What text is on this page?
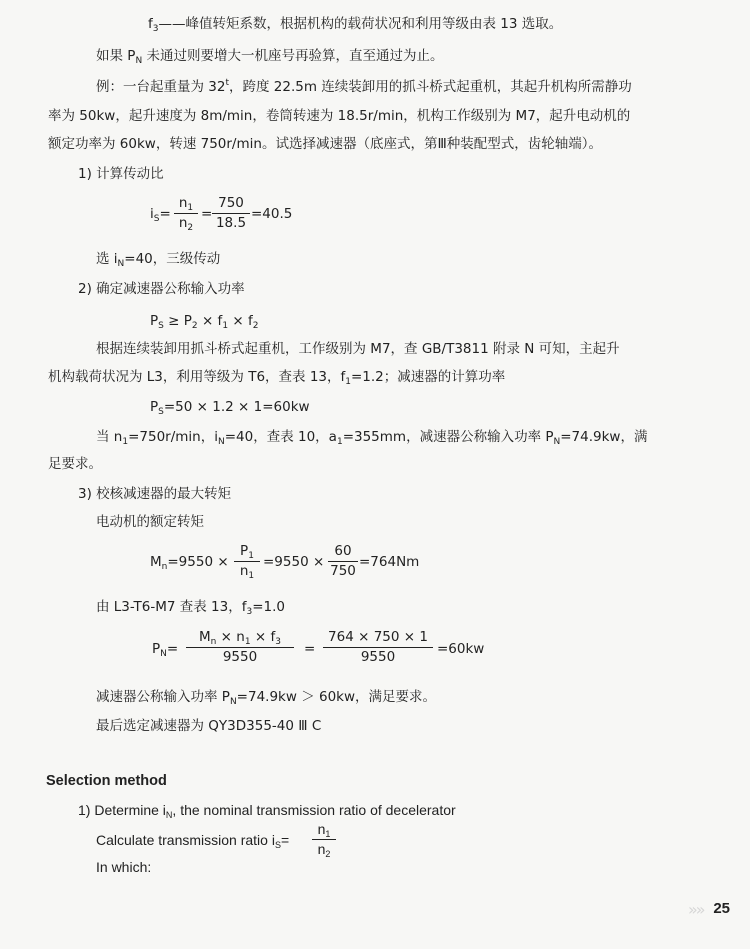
$f_3——$峰值转矩系数，根据机构的载荷状况和利用等级由表 13 选取。
如果 $P_N$ 未通过则要增大一机座号再验算，直至通过为止。
例：一台起重量为 32$^t$，跨度 22.5m 连续装卸用的抓斗桥式起重机，其起升机构所需静功
率为 50kw，起升速度为 8m/min，卷筒转速为 18.5r/min，机构工作级别为 M7，起升电动机的
额定功率为 60kw，转速 750r/min。试选择减速器（底座式，第Ⅲ种装配型式，齿轮轴端）。
1) 计算传动比
$i_S=$
$n_1$
$n_2$
=
750
18.5
=40.5
选 $i_N=40$，三级传动
2) 确定减速器公称输入功率
$P_S \ge P_2 \times f_1 \times f_2$
根据连续装卸用抓斗桥式起重机，工作级别为 M7，查 GB/T3811 附录 N 可知，主起升
机构载荷状况为 L3，利用等级为 T6，查表 13，$f_1=1.2$；减速器的计算功率
$P_S=50 \times 1.2 \times 1=60kw$
当 $n_1=750r/\min$，$i_N=40$，查表 10，$a_1=355mm$，减速器公称输入功率 $P_N=74.9kw$，满
足要求。
3) 校核减速器的最大转矩
电动机的额定转矩
$M_n=9550$ ×
$P_1$
$n_1$
=9550 ×
60
750
=764Nm
由 L3-T6-M7 查表 13，$f_3=1.0$
$P_N=$
$M_n \times n_1 \times f_3$
9550	=
764 × 750 × 1
9550	=60kw
减速器公称输入功率 $P_N=74.9kw > 60kw$，满足要求。
最后选定减速器为 QY3D355-40 Ⅲ C
Selection method
1) Determine $i_N$, the nominal transmission ratio of decelerator
Calculate transmission ratio $i_S=$
$n_1$
$n_2$
In which:
»» 25
